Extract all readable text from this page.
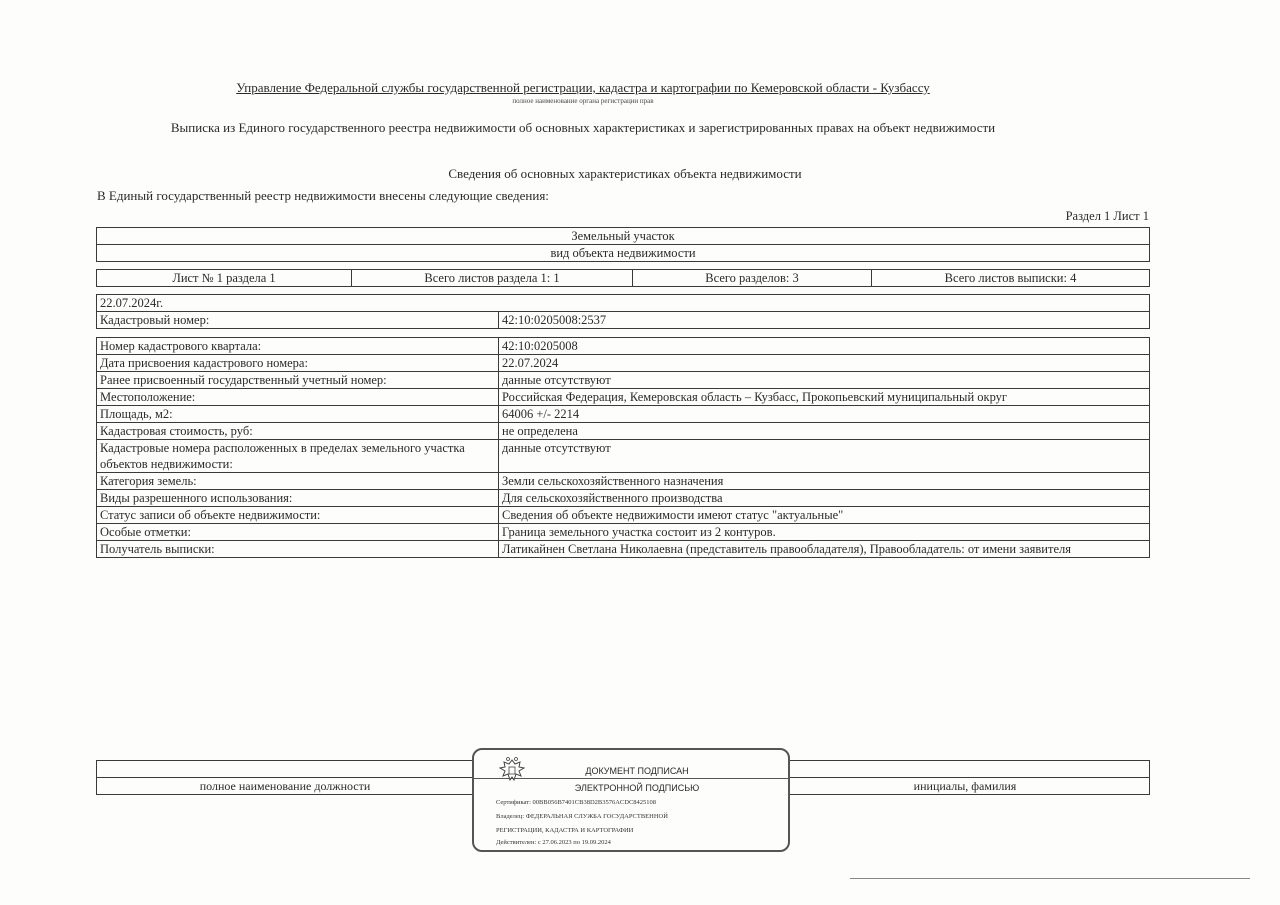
Управление Федеральной службы государственной регистрации, кадастра и картографии по Кемеровской области - Кузбассу
полное наименование органа регистрации прав
Выписка из Единого государственного реестра недвижимости об основных характеристиках и зарегистрированных правах на объект недвижимости
Сведения об основных характеристиках объекта недвижимости
В Единый государственный реестр недвижимости внесены следующие сведения:
Раздел 1 Лист 1
Земельный участок
вид объекта недвижимости
Лист № 1 раздела 1	Всего листов раздела 1: 1	Всего разделов: 3	Всего листов выписки: 4
22.07.2024г.
Кадастровый номер:	42:10:0205008:2537
Номер кадастрового квартала:	42:10:0205008
Дата присвоения кадастрового номера:	22.07.2024
Ранее присвоенный государственный учетный номер:	данные отсутствуют
Местоположение:	Российская Федерация, Кемеровская область – Кузбасс, Прокопьевский муниципальный округ
Площадь, м2:	64006 +/- 2214
Кадастровая стоимость, руб:	не определена
Кадастровые номера расположенных в пределах земельного участка объектов недвижимости:	данные отсутствуют
Категория земель:	Земли сельскохозяйственного назначения
Виды разрешенного использования:	Для сельскохозяйственного производства
Статус записи об объекте недвижимости:	Сведения об объекте недвижимости имеют статус "актуальные"
Особые отметки:	Граница земельного участка состоит из 2 контуров.
Получатель выписки:	Латикайнен Светлана Николаевна (представитель правообладателя), Правообладатель: от имени заявителя

полное наименование должности		инициалы, фамилия
ДОКУМЕНТ ПОДПИСАН
ЭЛЕКТРОННОЙ ПОДПИСЬЮ
Сертификат: 00BB056B7401CB38D2B3576ACDC8425108
Владелец: ФЕДЕРАЛЬНАЯ СЛУЖБА ГОСУДАРСТВЕННОЙ
РЕГИСТРАЦИИ, КАДАСТРА И КАРТОГРАФИИ
Действителен: с 27.06.2023 по 19.09.2024
